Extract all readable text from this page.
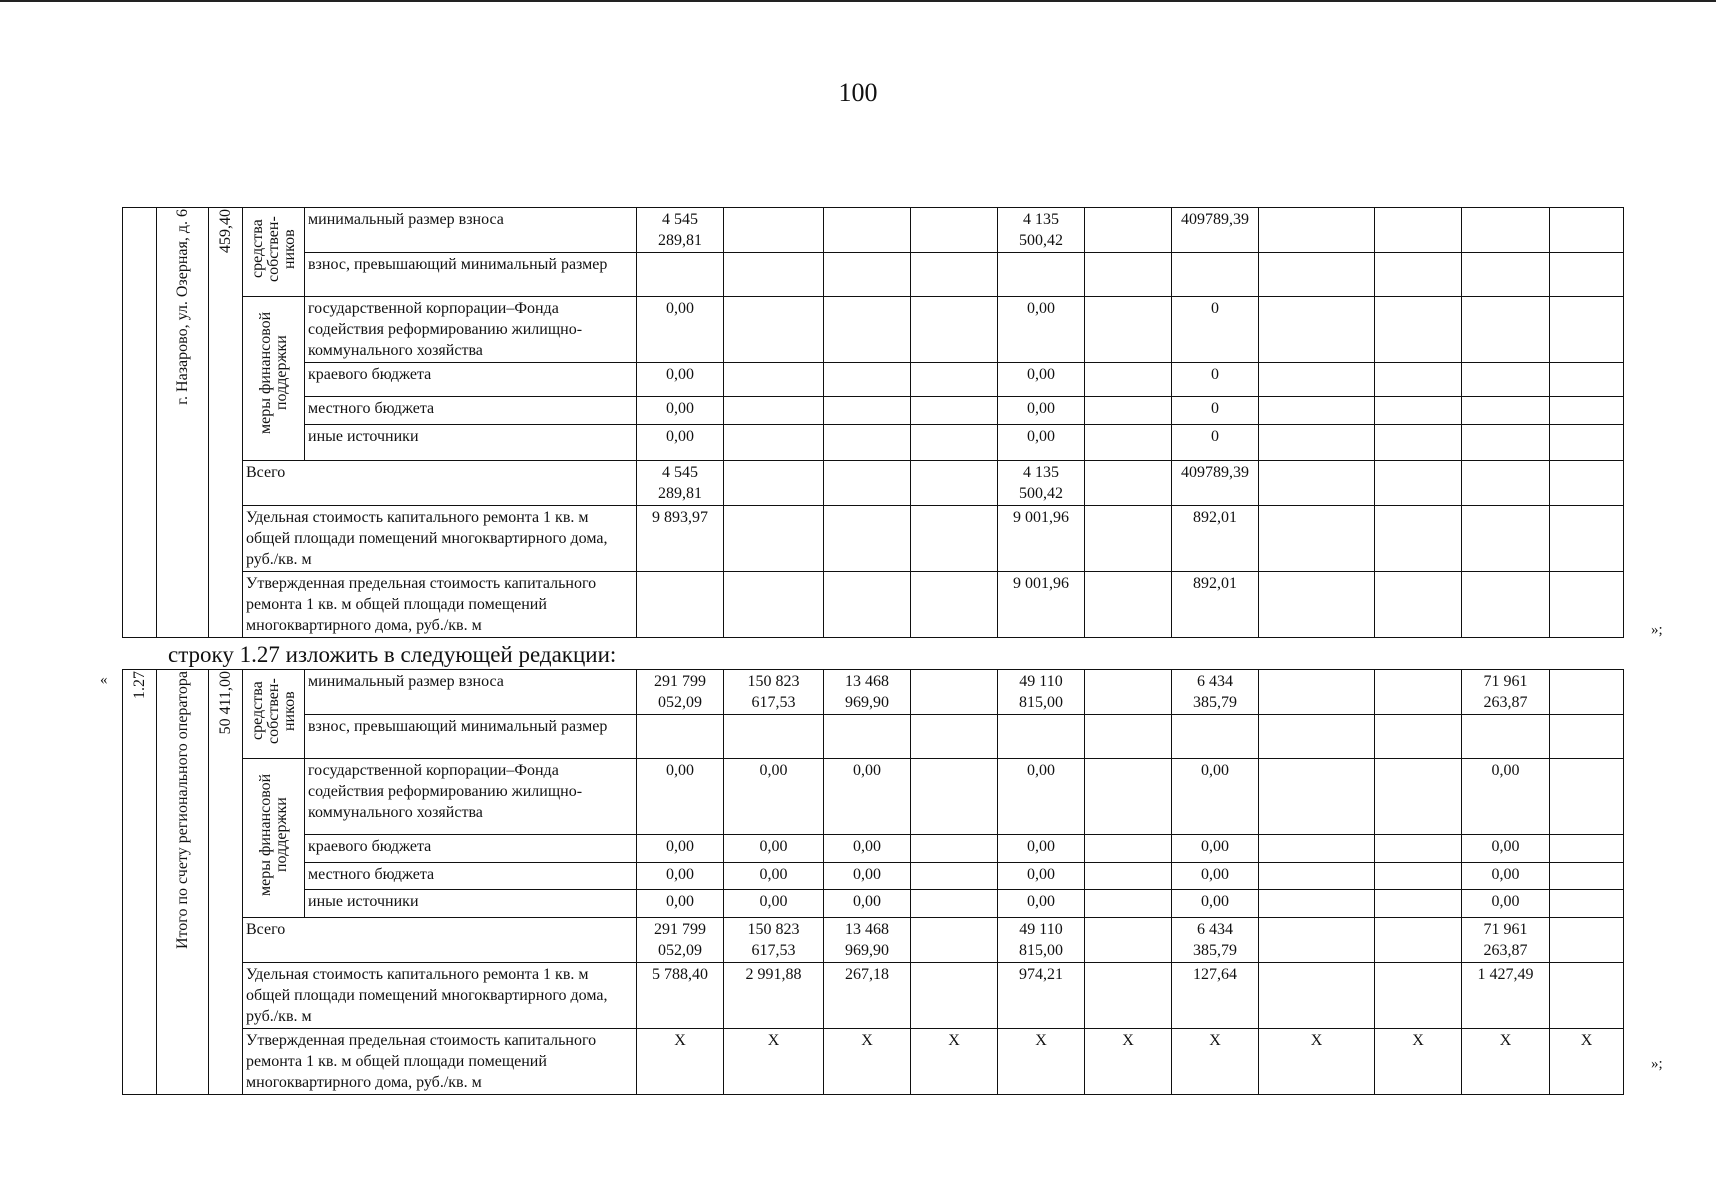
100
	г. Назарово, ул. Озерная, д. 6	459,40	средства собствен-ников	минимальный размер взноса	4 545 289,81				4 135 500,42		409789,39				
				взнос, превышающий минимальный размер											
			меры финансовой поддержки	государственной корпорации–Фонда содействия реформированию жилищно-коммунального хозяйства	0,00				0,00		0				
				краевого бюджета	0,00				0,00		0				
				местного бюджета	0,00				0,00		0				
				иные источники	0,00				0,00		0				
			Всего		4 545 289,81				4 135 500,42		409789,39				
			Удельная стоимость капитального ремонта 1 кв. м общей площади помещений многоквартирного дома, руб./кв. м		9 893,97				9 001,96		892,01				
			Утвержденная предельная стоимость капитального ремонта 1 кв. м общей площади помещений многоквартирного дома, руб./кв. м						9 001,96		892,01				
»;
строку 1.27 изложить в следующей редакции:
« 1.27	Итого по счету регионального оператора	50 411,00	средства собствен-ников	минимальный размер взноса	291 799 052,09	150 823 617,53	13 468 969,90		49 110 815,00		6 434 385,79			71 961 263,87	
				взнос, превышающий минимальный размер											
			меры финансовой поддержки	государственной корпорации–Фонда содействия реформированию жилищно-коммунального хозяйства	0,00	0,00	0,00		0,00		0,00			0,00	
				краевого бюджета	0,00	0,00	0,00		0,00		0,00			0,00	
				местного бюджета	0,00	0,00	0,00		0,00		0,00			0,00	
				иные источники	0,00	0,00	0,00		0,00		0,00			0,00	
			Всего		291 799 052,09	150 823 617,53	13 468 969,90		49 110 815,00		6 434 385,79			71 961 263,87	
			Удельная стоимость капитального ремонта 1 кв. м общей площади помещений многоквартирного дома, руб./кв. м		5 788,40	2 991,88	267,18		974,21		127,64			1 427,49	
			Утвержденная предельная стоимость капитального ремонта 1 кв. м общей площади помещений многоквартирного дома, руб./кв. м		X	X	X	X	X	X	X	X	X	X	X
»;
